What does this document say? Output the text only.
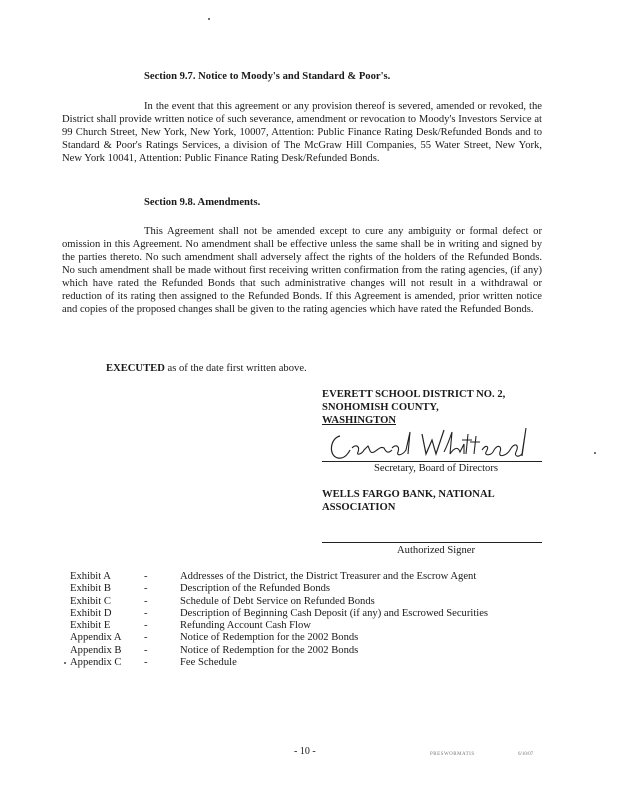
Section 9.7. Notice to Moody's and Standard & Poor's.

In the event that this agreement or any provision thereof is severed, amended or revoked, the District shall provide written notice of such severance, amendment or revocation to Moody's Investors Service at 99 Church Street, New York, New York, 10007, Attention: Public Finance Rating Desk/Refunded Bonds and to Standard & Poor's Ratings Services, a division of The McGraw Hill Companies, 55 Water Street, New York, New York 10041, Attention: Public Finance Rating Desk/Refunded Bonds.

Section 9.8. Amendments.

This Agreement shall not be amended except to cure any ambiguity or formal defect or omission in this Agreement. No amendment shall be effective unless the same shall be in writing and signed by the parties thereto. No such amendment shall adversely affect the rights of the holders of the Refunded Bonds. No such amendment shall be made without first receiving written confirmation from the rating agencies, (if any) which have rated the Refunded Bonds that such administrative changes will not result in a withdrawal or reduction of its rating then assigned to the Refunded Bonds. If this Agreement is amended, prior written notice and copies of the proposed changes shall be given to the rating agencies which have rated the Refunded Bonds.

EXECUTED as of the date first written above.
EVERETT SCHOOL DISTRICT NO. 2,
SNOHOMISH COUNTY,
WASHINGTON
Secretary, Board of Directors
WELLS FARGO BANK, NATIONAL
ASSOCIATION
Authorized Signer
Exhibit A	-	Addresses of the District, the District Treasurer and the Escrow Agent
Exhibit B	-	Description of the Refunded Bonds
Exhibit C	-	Schedule of Debt Service on Refunded Bonds
Exhibit D	-	Description of Beginning Cash Deposit (if any) and Escrowed Securities
Exhibit E	-	Refunding Account Cash Flow
Appendix A -	Notice of Redemption for the 2002 Bonds
Appendix B -	Notice of Redemption for the 2002 Bonds
Appendix C -	Fee Schedule
- 10 -	PRESWORMATIS	6/10/07
